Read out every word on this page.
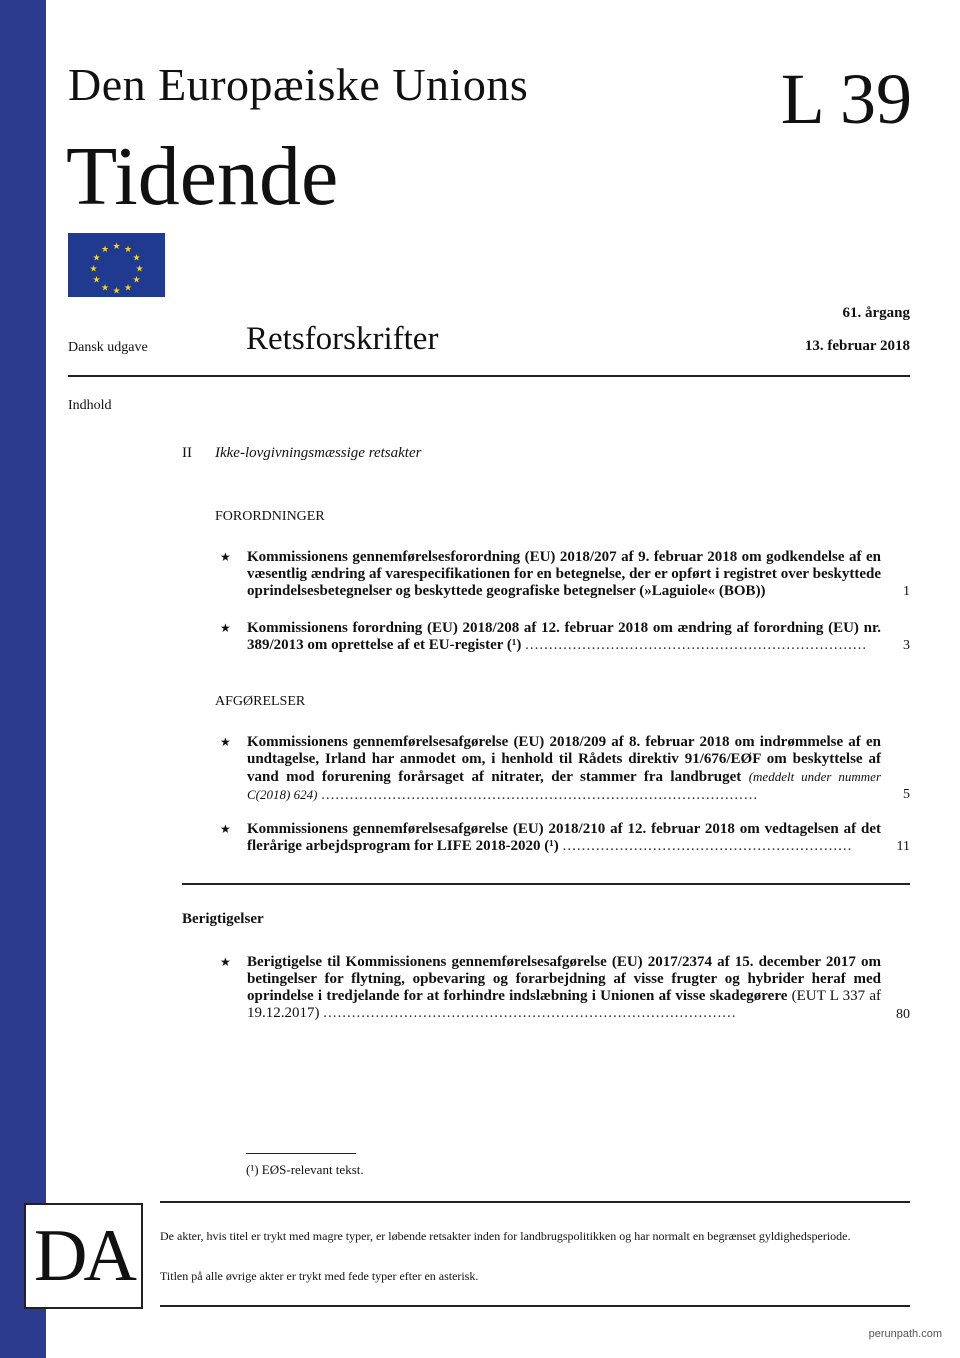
Den Europæiske Unions
Tidende
L 39
★ ★
★
★
★
★
★
★
★
★
★
★
Dansk udgave	Retsforskrifter
61. årgang
13. februar 2018
Indhold
II Ikke-lovgivningsmæssige retsakter
FORORDNINGER
★ Kommissionens gennemførelsesforordning (EU) 2018/207 af 9. februar 2018 om godkendelse af en væsentlig ændring af varespecifikationen for en betegnelse, der er opført i registret over beskyttede oprindelsesbetegnelser og beskyttede geografiske betegnelser (»Laguiole« (BOB))	1
★ Kommissionens forordning (EU) 2018/208 af 12. februar 2018 om ændring af forordning (EU) nr. 389/2013 om oprettelse af et EU-register (¹) ........................................................................	3
AFGØRELSER
★ Kommissionens gennemførelsesafgørelse (EU) 2018/209 af 8. februar 2018 om indrømmelse af en undtagelse, Irland har anmodet om, i henhold til Rådets direktiv 91/676/EØF om beskyttelse af vand mod forurening forårsaget af nitrater, der stammer fra landbruget (meddelt under nummer C(2018) 624) ............................................................................................	5
★ Kommissionens gennemførelsesafgørelse (EU) 2018/210 af 12. februar 2018 om vedtagelsen af det flerårige arbejdsprogram for LIFE 2018-2020 (¹) .............................................................	11
Berigtigelser
★ Berigtigelse til Kommissionens gennemførelsesafgørelse (EU) 2017/2374 af 15. december 2017 om betingelser for flytning, opbevaring og forarbejdning af visse frugter og hybrider heraf med oprindelse i tredjelande for at forhindre indslæbning i Unionen af visse skadegørere (EUT L 337 af 19.12.2017) .......................................................................................	80
(¹) EØS-relevant tekst.
DA De akter, hvis titel er trykt med magre typer, er løbende retsakter inden for landbrugspolitikken og har normalt en begrænset gyldighedsperiode.
Titlen på alle øvrige akter er trykt med fede typer efter en asterisk.
perunpath.com
